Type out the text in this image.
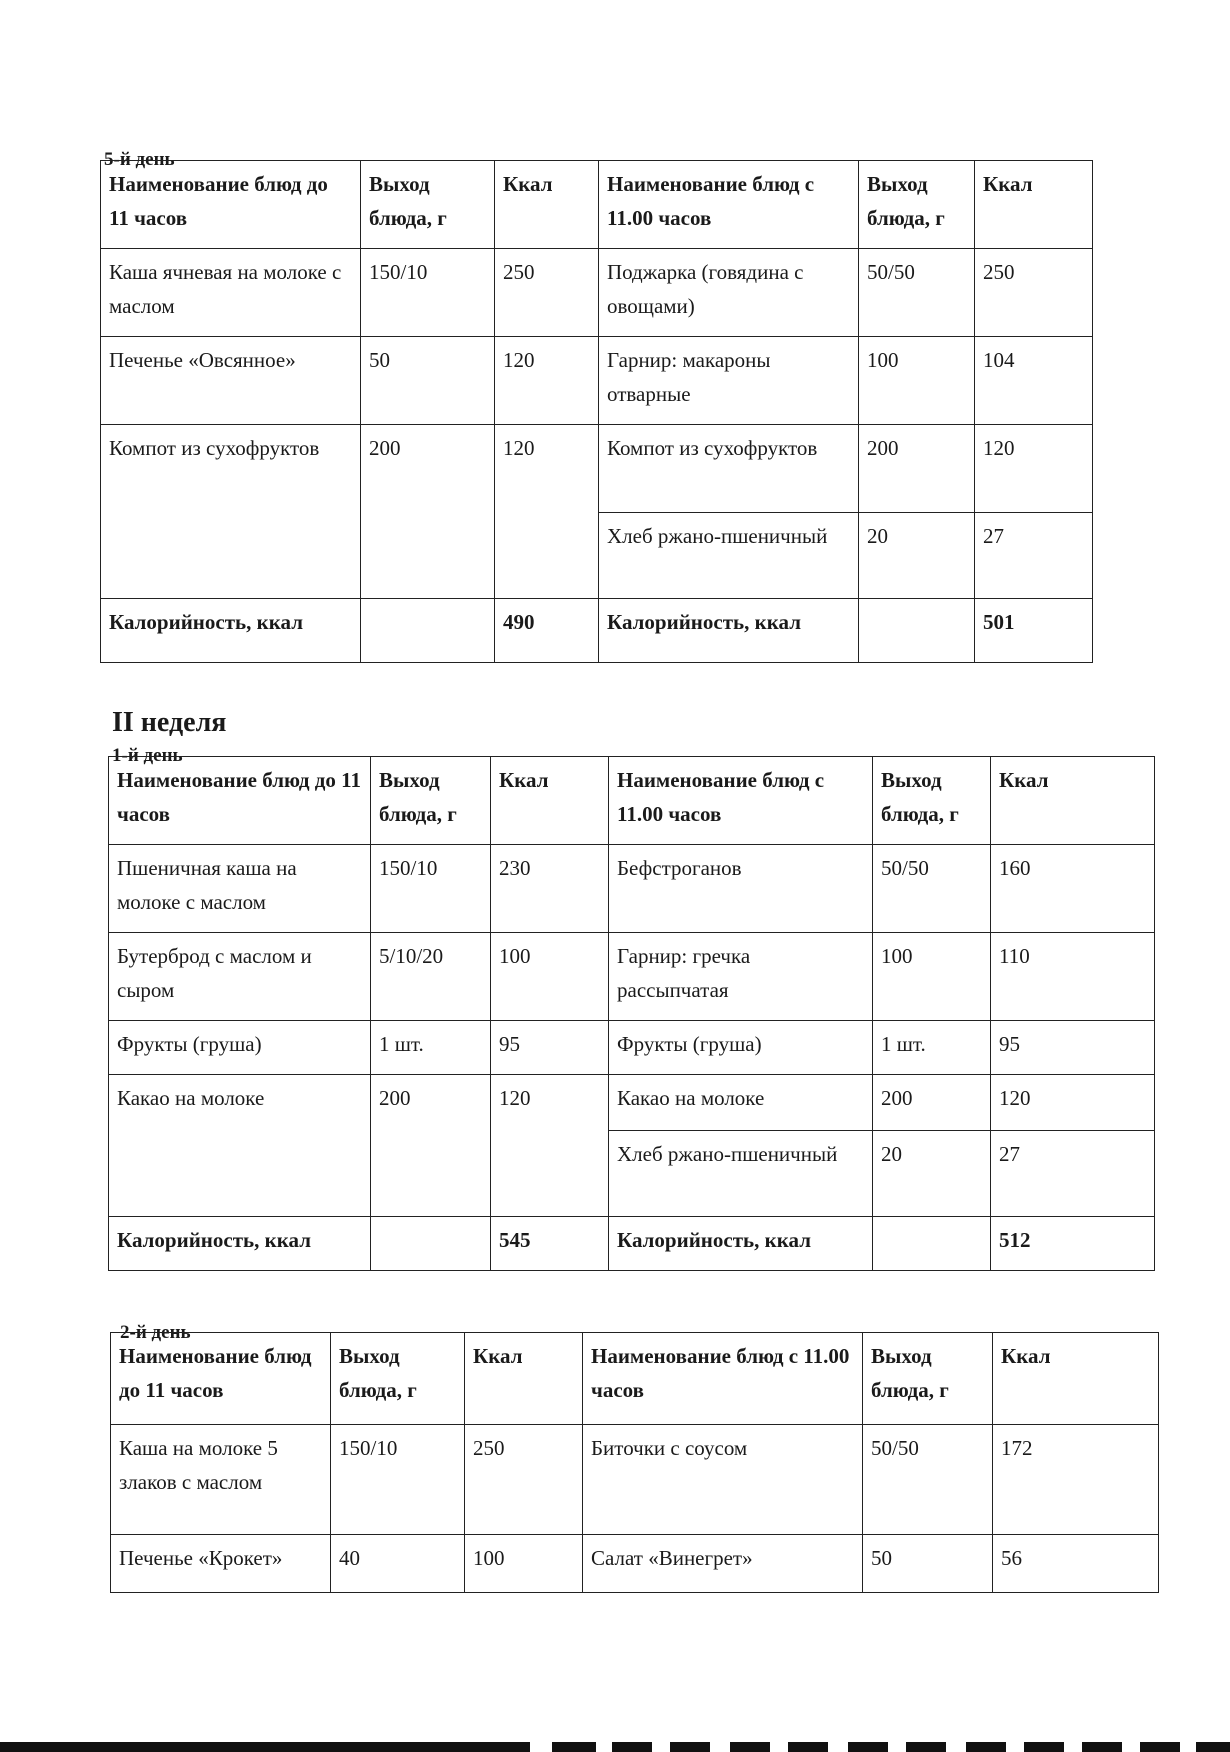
5-й день
Наименование блюд до 11 часов	Выход блюда, г	Ккал	Наименование блюд с 11.00 часов	Выход блюда, г	Ккал
Каша ячневая на молоке с маслом	150/10	250	Поджарка (говядина с овощами)	50/50	250
Печенье «Овсянное»	50	120	Гарнир: макароны отварные	100	104
Компот из сухофруктов	200	120	Компот из сухофруктов	200	120
			Хлеб ржано-пшеничный	20	27
Калорийность, ккал		490	Калорийность, ккал		501
II неделя
1-й день
Наименование блюд до 11 часов	Выход блюда, г	Ккал	Наименование блюд с 11.00 часов	Выход блюда, г	Ккал
Пшеничная каша на молоке с маслом	150/10	230	Бефстроганов	50/50	160
Бутерброд с маслом и сыром	5/10/20	100	Гарнир: гречка рассыпчатая	100	110
Фрукты (груша)	1 шт.	95	Фрукты (груша)	1 шт.	95
Какао на молоке	200	120	Какао на молоке	200	120
			Хлеб ржано-пшеничный	20	27
Калорийность, ккал		545	Калорийность, ккал		512
2-й день
Наименование блюд до 11 часов	Выход блюда, г	Ккал	Наименование блюд с 11.00 часов	Выход блюда, г	Ккал
Каша на молоке 5 злаков с маслом	150/10	250	Биточки с соусом	50/50	172
Печенье «Крокет»	40	100	Салат «Винегрет»	50	56
